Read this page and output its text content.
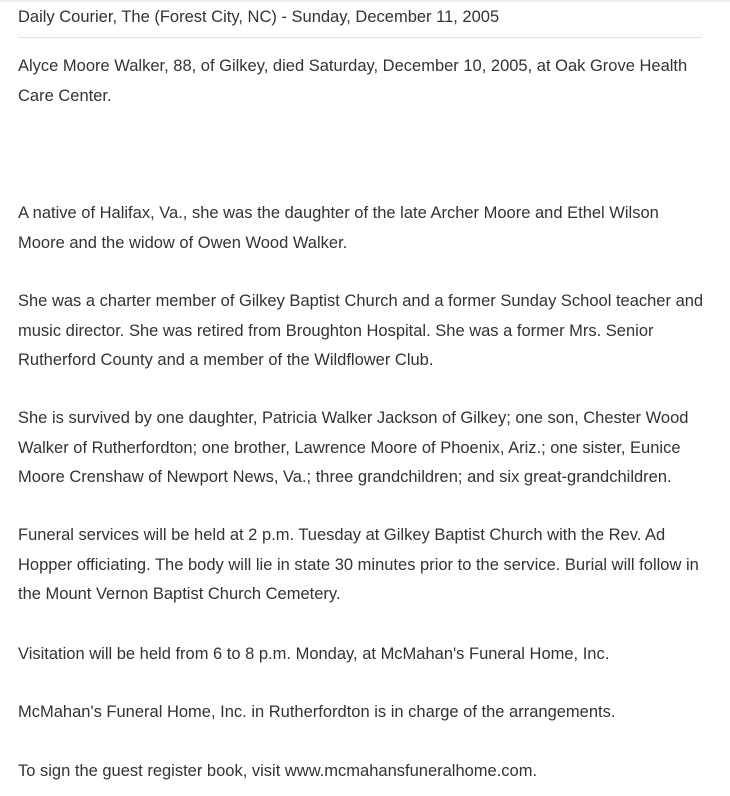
Daily Courier, The (Forest City, NC) - Sunday, December 11, 2005

Alyce Moore Walker, 88, of Gilkey, died Saturday, December 10, 2005, at Oak Grove Health Care Center.

A native of Halifax, Va., she was the daughter of the late Archer Moore and Ethel Wilson Moore and the widow of Owen Wood Walker.

She was a charter member of Gilkey Baptist Church and a former Sunday School teacher and music director. She was retired from Broughton Hospital. She was a former Mrs. Senior Rutherford County and a member of the Wildflower Club.

She is survived by one daughter, Patricia Walker Jackson of Gilkey; one son, Chester Wood Walker of Rutherfordton; one brother, Lawrence Moore of Phoenix, Ariz.; one sister, Eunice Moore Crenshaw of Newport News, Va.; three grandchildren; and six great-grandchildren.

Funeral services will be held at 2 p.m. Tuesday at Gilkey Baptist Church with the Rev. Ad Hopper officiating. The body will lie in state 30 minutes prior to the service. Burial will follow in the Mount Vernon Baptist Church Cemetery.

Visitation will be held from 6 to 8 p.m. Monday, at McMahan's Funeral Home, Inc.

McMahan's Funeral Home, Inc. in Rutherfordton is in charge of the arrangements.

To sign the guest register book, visit www.mcmahansfuneralhome.com.
